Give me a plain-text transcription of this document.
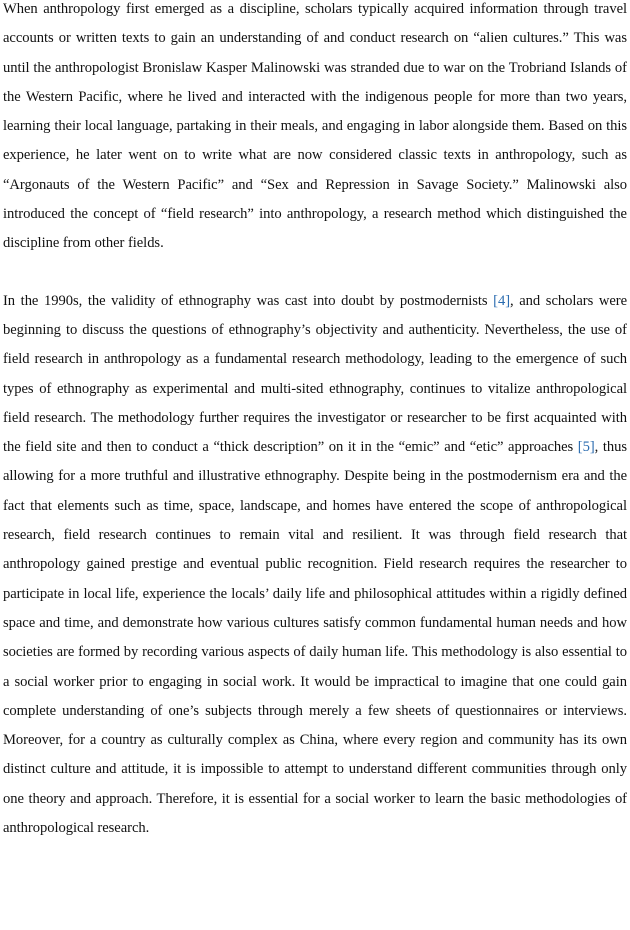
When anthropology first emerged as a discipline, scholars typically acquired information through travel accounts or written texts to gain an understanding of and conduct research on “alien cultures.” This was until the anthropologist Bronislaw Kasper Malinowski was stranded due to war on the Trobriand Islands of the Western Pacific, where he lived and interacted with the indigenous people for more than two years, learning their local language, partaking in their meals, and engaging in labor alongside them. Based on this experience, he later went on to write what are now considered classic texts in anthropology, such as “Argonauts of the Western Pacific” and “Sex and Repression in Savage Society.” Malinowski also introduced the concept of “field research” into anthropology, a research method which distinguished the discipline from other fields.

In the 1990s, the validity of ethnography was cast into doubt by postmodernists [4], and scholars were beginning to discuss the questions of ethnography’s objectivity and authenticity. Nevertheless, the use of field research in anthropology as a fundamental research methodology, leading to the emergence of such types of ethnography as experimental and multi-sited ethnography, continues to vitalize anthropological field research. The methodology further requires the investigator or researcher to be first acquainted with the field site and then to conduct a “thick description” on it in the “emic” and “etic” approaches [5], thus allowing for a more truthful and illustrative ethnography. Despite being in the postmodernism era and the fact that elements such as time, space, landscape, and homes have entered the scope of anthropological research, field research continues to remain vital and resilient. It was through field research that anthropology gained prestige and eventual public recognition. Field research requires the researcher to participate in local life, experience the locals’ daily life and philosophical attitudes within a rigidly defined space and time, and demonstrate how various cultures satisfy common fundamental human needs and how societies are formed by recording various aspects of daily human life. This methodology is also essential to a social worker prior to engaging in social work. It would be impractical to imagine that one could gain complete understanding of one’s subjects through merely a few sheets of questionnaires or interviews. Moreover, for a country as culturally complex as China, where every region and community has its own distinct culture and attitude, it is impossible to attempt to understand different communities through only one theory and approach. Therefore, it is essential for a social worker to learn the basic methodologies of anthropological research.
